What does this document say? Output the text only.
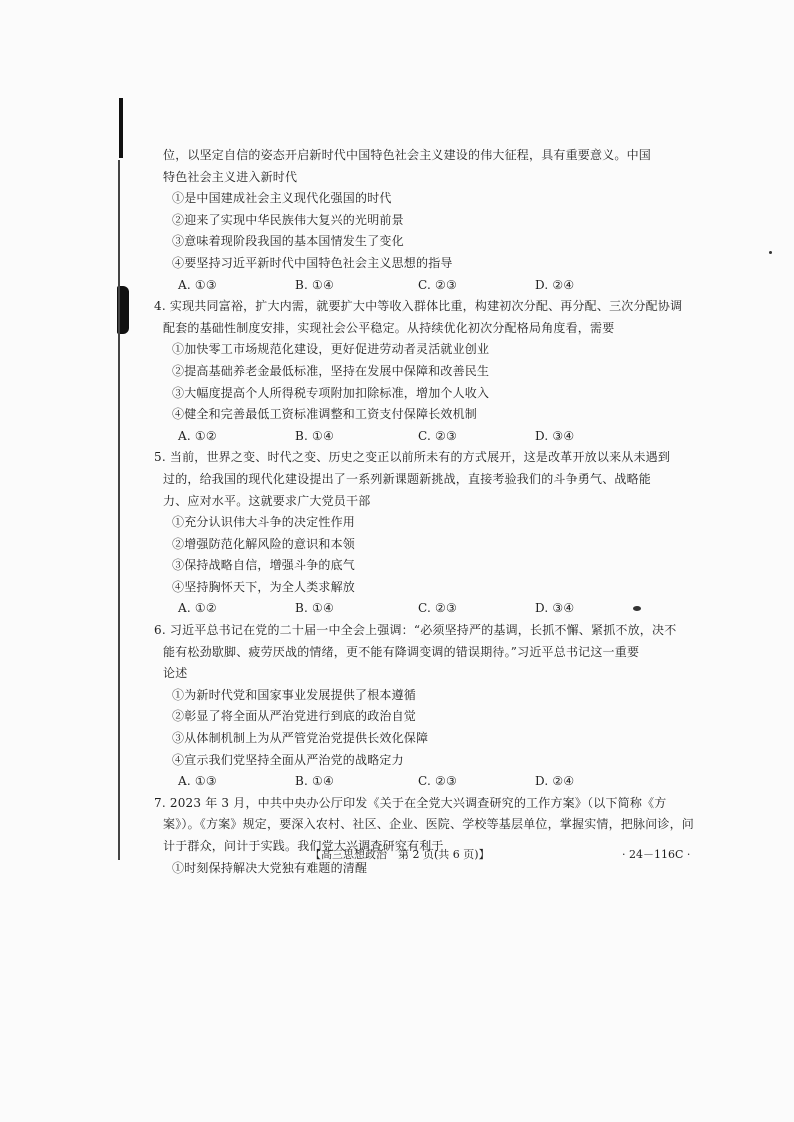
位，以坚定自信的姿态开启新时代中国特色社会主义建设的伟大征程，具有重要意义。中国
特色社会主义进入新时代
①是中国建成社会主义现代化强国的时代
②迎来了实现中华民族伟大复兴的光明前景
③意味着现阶段我国的基本国情发生了变化
④要坚持习近平新时代中国特色社会主义思想的指导
A. ①③	B. ①④	C. ②③	D. ②④
4. 实现共同富裕，扩大内需，就要扩大中等收入群体比重，构建初次分配、再分配、三次分配协调
配套的基础性制度安排，实现社会公平稳定。从持续优化初次分配格局角度看，需要
①加快零工市场规范化建设，更好促进劳动者灵活就业创业
②提高基础养老金最低标准，坚持在发展中保障和改善民生
③大幅度提高个人所得税专项附加扣除标准，增加个人收入
④健全和完善最低工资标准调整和工资支付保障长效机制
A. ①②	B. ①④	C. ②③	D. ③④
5. 当前，世界之变、时代之变、历史之变正以前所未有的方式展开，这是改革开放以来从未遇到
过的，给我国的现代化建设提出了一系列新课题新挑战，直接考验我们的斗争勇气、战略能
力、应对水平。这就要求广大党员干部
①充分认识伟大斗争的决定性作用
②增强防范化解风险的意识和本领
③保持战略自信，增强斗争的底气
④坚持胸怀天下，为全人类求解放
A. ①②	B. ①④	C. ②③	D. ③④
6. 习近平总书记在党的二十届一中全会上强调：“必须坚持严的基调，长抓不懈、紧抓不放，决不
能有松劲歇脚、疲劳厌战的情绪，更不能有降调变调的错误期待。”习近平总书记这一重要
论述
①为新时代党和国家事业发展提供了根本遵循
②彰显了将全面从严治党进行到底的政治自觉
③从体制机制上为从严管党治党提供长效化保障
④宣示我们党坚持全面从严治党的战略定力
A. ①③	B. ①④	C. ②③	D. ②④
7. 2023 年 3 月，中共中央办公厅印发《关于在全党大兴调查研究的工作方案》（以下简称《方
案》）。《方案》规定，要深入农村、社区、企业、医院、学校等基层单位，掌握实情，把脉问诊，问
计于群众，问计于实践。我们党大兴调查研究有利于
①时刻保持解决大党独有难题的清醒
【高三思想政治　第 2 页(共 6 页)】	· 24－116C ·
